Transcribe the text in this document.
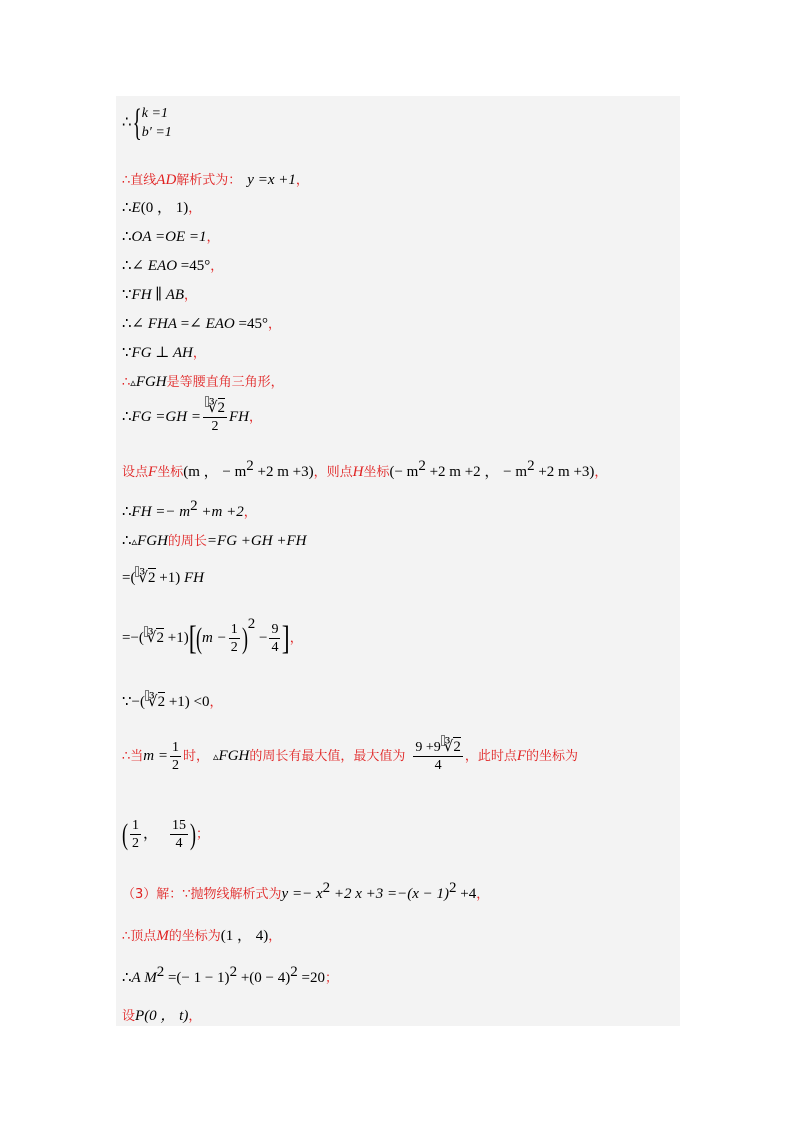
∴{ k =1
b′ =1
∴直线AD解析式为： y =x +1，
∴E(0 ， 1)，
∴OA =OE =1，
∴∠ EAO =45°，
∵FH ∥ AB，
∴∠ FHA =∠ EAO =45°，
∵FG ⊥ AH，
∴▵FGH是等腰直角三角形，
∴FG $=GH = \frac{∛2}{2}$ FH，
设点F坐标(m ， − $m^2 +2$ m +3)，则点H坐标(− $m^2 +2$ m +2 ， − $m^2 +2$ m +3)，
∴FH =− $m^2 +m +2$，
∴▵FGH的周长=FG +GH +FH
=( ∛2 +1) FH
=−( ∛2 $+1)[(m - \frac{1}{2} )^2 - \frac{9}{4}$ ]，
∵−( ∛2 +1) <0，
∴当$m = \frac{1}{2}$ 时， ▵FGH的周长有最大值，最大值为 $\frac{9 +9 ∛2}{4}$ ，此时点F的坐标为
( $\frac{1}{2}$ ， $\frac{15}{4}$ )；
（3）解：∵抛物线解析式为$y =- x^2 +2$ $x +3 =-(x - 1)^2 +4$，
∴顶点M的坐标为(1 ， 4)，
∴A $M^2$ =(− $1 - 1)^2 +(0 - 4)^2 =20$；
设P(0 ， t)，
